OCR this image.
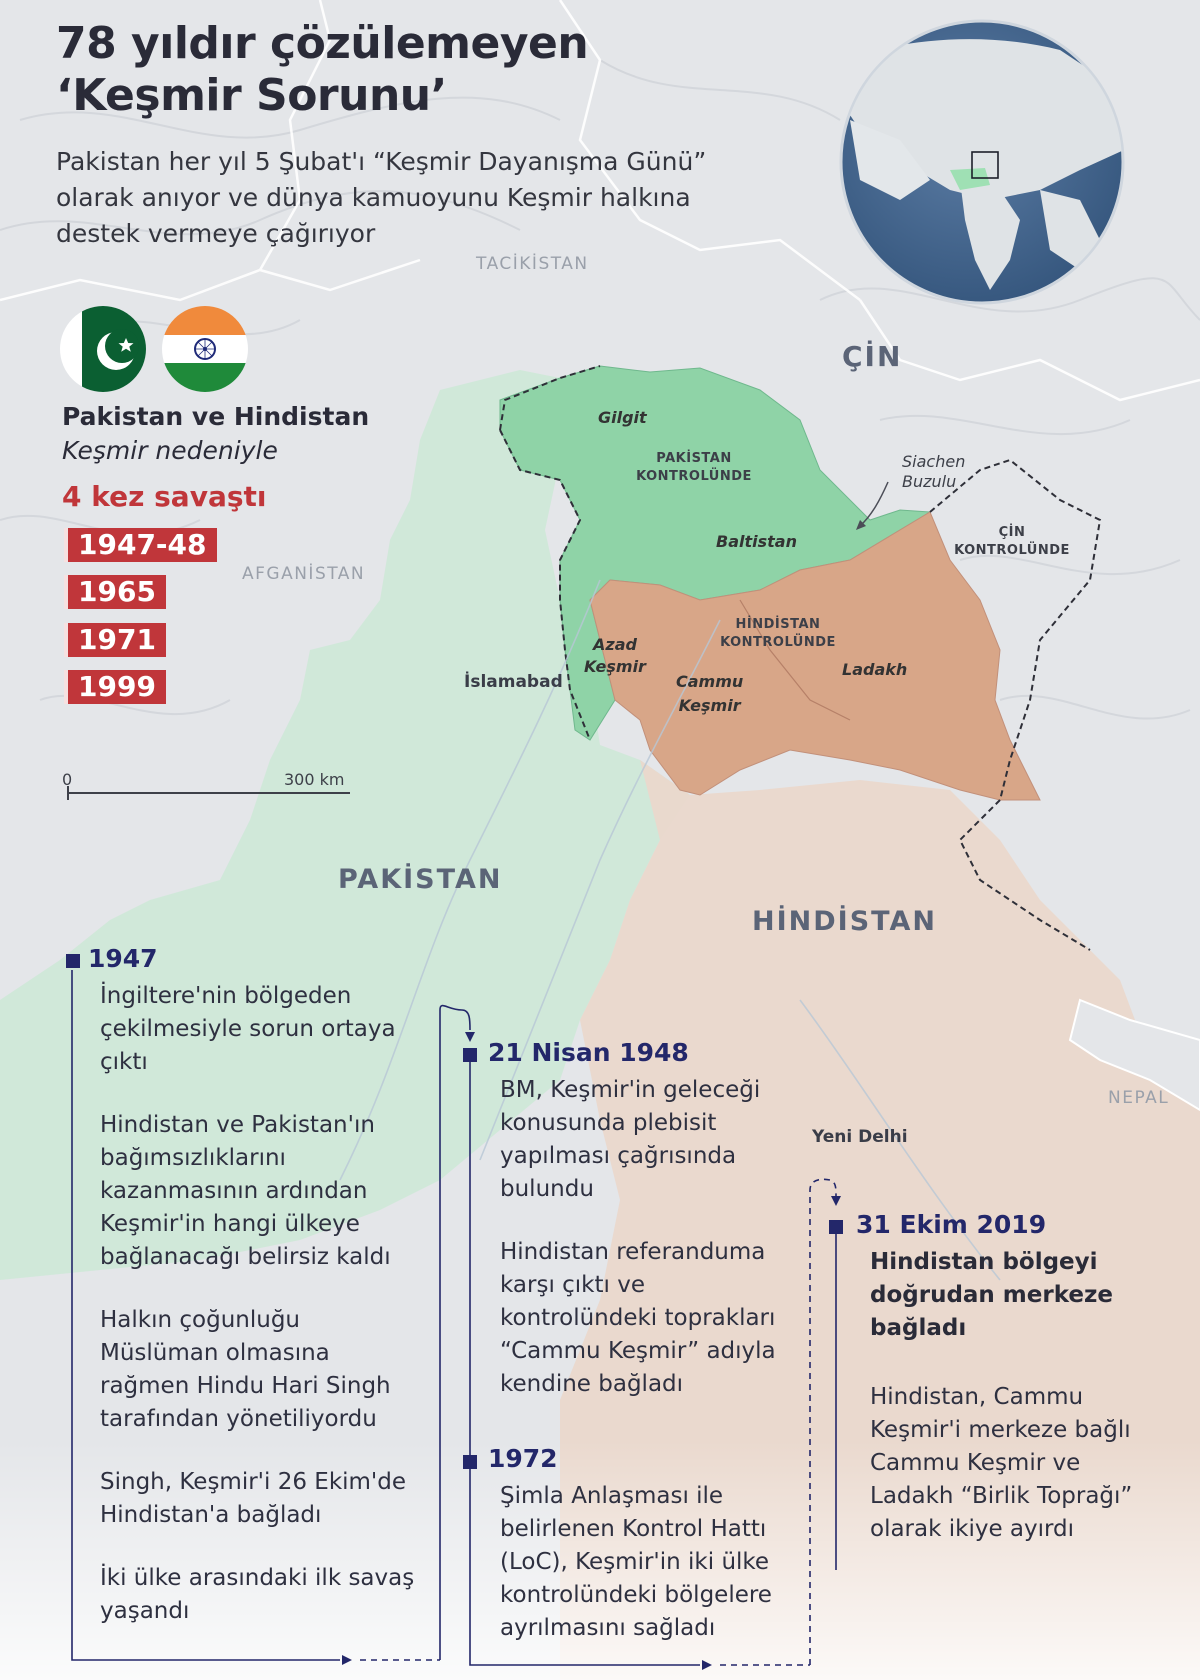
78 yıldır çözülemeyen
‘Keşmir Sorunu’
Pakistan her yıl 5 Şubat'ı “Keşmir Dayanışma Günü” olarak anıyor ve dünya kamuoyunu Keşmir halkına destek vermeye çağırıyor
Pakistan ve Hindistan
Keşmir nedeniyle
4 kez savaştı
1947-48
1965
1971
1999
0	300 km
TACİKİSTAN
ÇİN
AFGANİSTAN
PAKİSTAN
HİNDİSTAN
NEPAL
İslamabad
Yeni Delhi
Gilgit
PAKİSTAN
KONTROLÜNDE
Baltistan
Siachen
Buzulu
ÇİN
KONTROLÜNDE
HİNDİSTAN
KONTROLÜNDE
Azad
Keşmir
Cammu
Keşmir
Ladakh
1947
İngiltere'nin bölgeden çekilmesiyle sorun ortaya çıktı
Hindistan ve Pakistan'ın bağımsızlıklarını kazanmasının ardından Keşmir'in hangi ülkeye bağlanacağı belirsiz kaldı
Halkın çoğunluğu Müslüman olmasına rağmen Hindu Hari Singh tarafından yönetiliyordu
Singh, Keşmir'i 26 Ekim'de Hindistan'a bağladı
İki ülke arasındaki ilk savaş yaşandı
21 Nisan 1948
BM, Keşmir'in geleceği konusunda plebisit yapılması çağrısında bulundu
Hindistan referanduma karşı çıktı ve kontrolündeki toprakları “Cammu Keşmir” adıyla kendine bağladı
1972
Şimla Anlaşması ile belirlenen Kontrol Hattı (LoC), Keşmir'in iki ülke kontrolündeki bölgelere ayrılmasını sağladı
31 Ekim 2019
Hindistan bölgeyi doğrudan merkeze bağladı
Hindistan, Cammu Keşmir'i merkeze bağlı Cammu Keşmir ve Ladakh “Birlik Toprağı” olarak ikiye ayırdı
